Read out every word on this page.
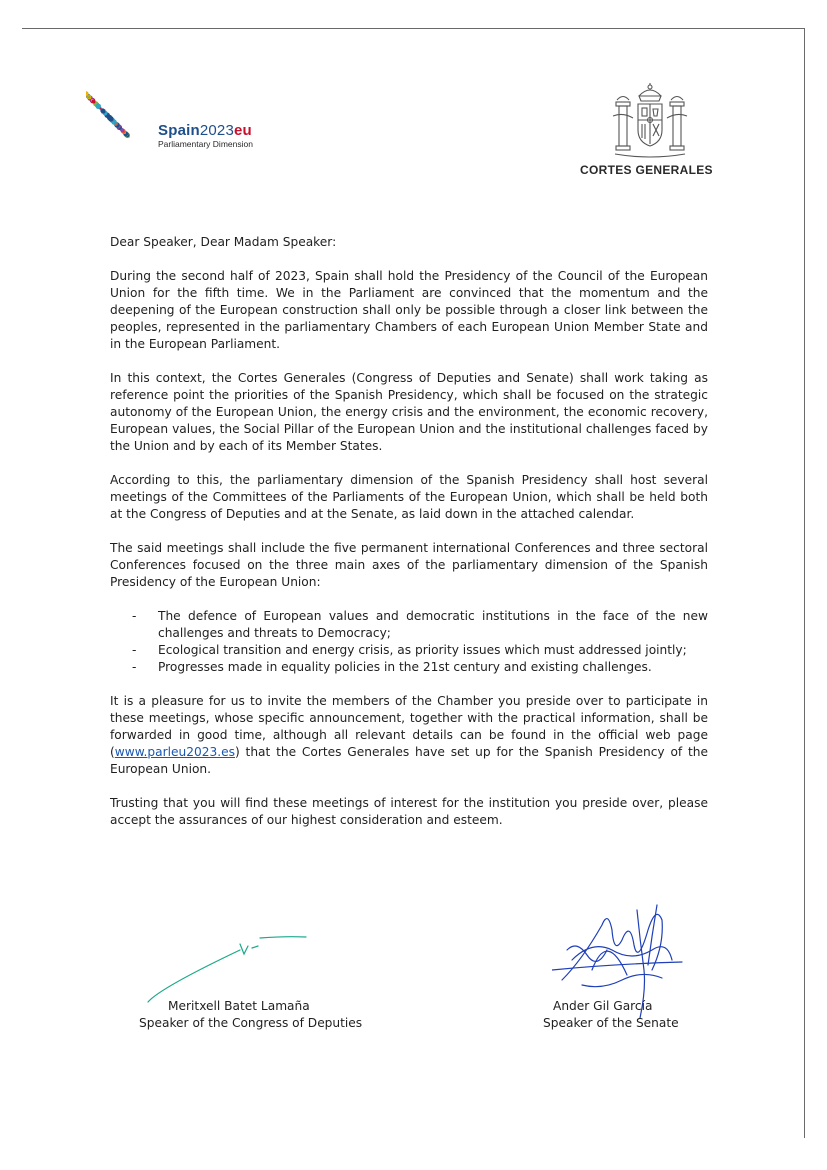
Spain2023eu
Parliamentary Dimension
CORTES GENERALES

Dear Speaker, Dear Madam Speaker:

During the second half of 2023, Spain shall hold the Presidency of the Council of the European Union for the fifth time. We in the Parliament are convinced that the momentum and the deepening of the European construction shall only be possible through a closer link between the peoples, represented in the parliamentary Chambers of each European Union Member State and in the European Parliament.

In this context, the Cortes Generales (Congress of Deputies and Senate) shall work taking as reference point the priorities of the Spanish Presidency, which shall be focused on the strategic autonomy of the European Union, the energy crisis and the environment, the economic recovery, European values, the Social Pillar of the European Union and the institutional challenges faced by the Union and by each of its Member States.

According to this, the parliamentary dimension of the Spanish Presidency shall host several meetings of the Committees of the Parliaments of the European Union, which shall be held both at the Congress of Deputies and at the Senate, as laid down in the attached calendar.

The said meetings shall include the five permanent international Conferences and three sectoral Conferences focused on the three main axes of the parliamentary dimension of the Spanish Presidency of the European Union:

- The defence of European values and democratic institutions in the face of the new challenges and threats to Democracy;
- Ecological transition and energy crisis, as priority issues which must addressed jointly;
- Progresses made in equality policies in the 21st century and existing challenges.

It is a pleasure for us to invite the members of the Chamber you preside over to participate in these meetings, whose specific announcement, together with the practical information, shall be forwarded in good time, although all relevant details can be found in the official web page (www.parleu2023.es) that the Cortes Generales have set up for the Spanish Presidency of the European Union.

Trusting that you will find these meetings of interest for the institution you preside over, please accept the assurances of our highest consideration and esteem.

Meritxell Batet Lamaña
Speaker of the Congress of Deputies
Ander Gil García
Speaker of the Senate
